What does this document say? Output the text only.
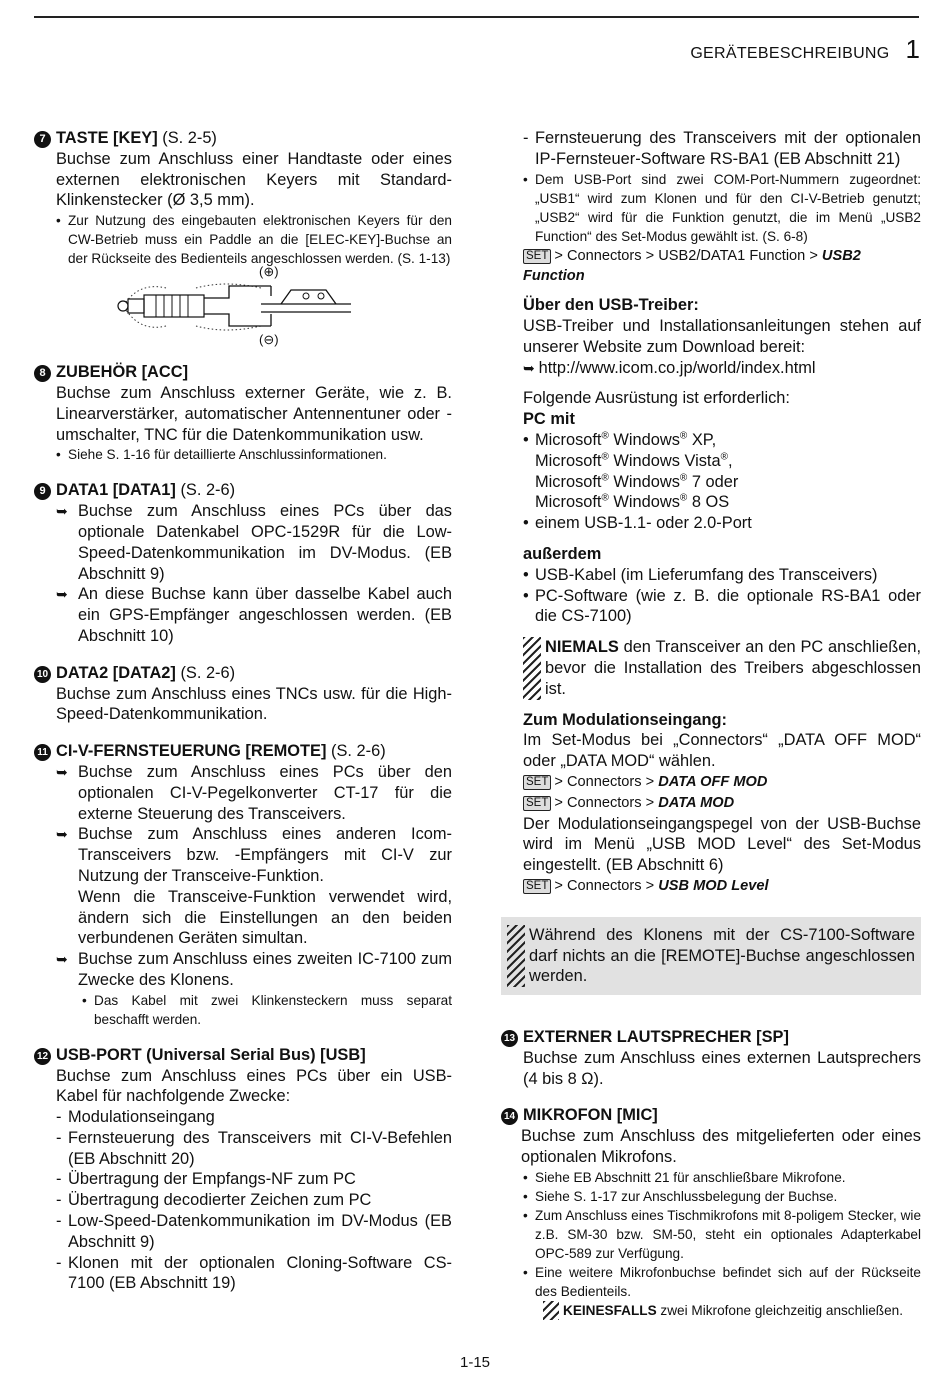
GERÄTEBESCHREIBUNG 1
7 TASTE [KEY] (S. 2-5)
Buchse zum Anschluss einer Handtaste oder eines externen elektronischen Keyers mit Standard-Klinkenstecker (Ø 3,5 mm).
• Zur Nutzung des eingebauten elektronischen Keyers für den CW-Betrieb muss ein Paddle an die [ELEC-KEY]-Buchse an der Rückseite des Bedienteils angeschlossen werden. (S. 1-13)
(⊕)
(⊖)
8 ZUBEHÖR [ACC]
Buchse zum Anschluss externer Geräte, wie z. B. Linearverstärker, automatischer Antennentuner oder -umschalter, TNC für die Datenkommunikation usw.
• Siehe S. 1-16 für detaillierte Anschlussinformationen.
9 DATA1 [DATA1] (S. 2-6)
➥ Buchse zum Anschluss eines PCs über das optionale Datenkabel OPC-1529R für die Low-Speed-Datenkommunikation im DV-Modus. (EB Abschnitt 9)
➥ An diese Buchse kann über dasselbe Kabel auch ein GPS-Empfänger angeschlossen werden. (EB Abschnitt 10)
10 DATA2 [DATA2] (S. 2-6)
Buchse zum Anschluss eines TNCs usw. für die High-Speed-Datenkommunikation.
11 CI-V-FERNSTEUERUNG [REMOTE] (S. 2-6)
➥ Buchse zum Anschluss eines PCs über den optionalen CI-V-Pegelkonverter CT-17 für die externe Steuerung des Transceivers.
➥ Buchse zum Anschluss eines anderen Icom-Transceivers bzw. -Empfängers mit CI-V zur Nutzung der Transceive-Funktion.
Wenn die Transceive-Funktion verwendet wird, ändern sich die Einstellungen an den beiden verbundenen Geräten simultan.
➥ Buchse zum Anschluss eines zweiten IC-7100 zum Zwecke des Klonens.
• Das Kabel mit zwei Klinkensteckern muss separat beschafft werden.
12 USB-PORT (Universal Serial Bus) [USB]
Buchse zum Anschluss eines PCs über ein USB-Kabel für nachfolgende Zwecke:
- Modulationseingang
- Fernsteuerung des Transceivers mit CI-V-Befehlen (EB Abschnitt 20)
- Übertragung der Empfangs-NF zum PC
- Übertragung decodierter Zeichen zum PC
- Low-Speed-Datenkommunikation im DV-Modus (EB Abschnitt 9)
- Klonen mit der optionalen Cloning-Software CS-7100 (EB Abschnitt 19)
- Fernsteuerung des Transceivers mit der optionalen IP-Fernsteuer-Software RS-BA1 (EB Abschnitt 21)
• Dem USB-Port sind zwei COM-Port-Nummern zugeordnet: „USB1“ wird zum Klonen und für den CI-V-Betrieb genutzt; „USB2“ wird für die Funktion genutzt, die im Menü „USB2 Function“ des Set-Modus gewählt ist. (S. 6-8)
SET > Connectors > USB2/DATA1 Function > USB2 Function
Über den USB-Treiber:
USB-Treiber und Installationsanleitungen stehen auf unserer Website zum Download bereit:
➥ http://www.icom.co.jp/world/index.html
Folgende Ausrüstung ist erforderlich:
PC mit
• Microsoft® Windows® XP,
Microsoft® Windows Vista®,
Microsoft® Windows® 7 oder
Microsoft® Windows® 8 OS
• einem USB-1.1- oder 2.0-Port
außerdem
• USB-Kabel (im Lieferumfang des Transceivers)
• PC-Software (wie z. B. die optionale RS-BA1 oder die CS-7100)
NIEMALS den Transceiver an den PC anschließen, bevor die Installation des Treibers abgeschlossen ist.
Zum Modulationseingang:
Im Set-Modus bei „Connectors“ „DATA OFF MOD“ oder „DATA MOD“ wählen.
SET > Connectors > DATA OFF MOD
SET > Connectors > DATA MOD
Der Modulationseingangspegel von der USB-Buchse wird im Menü „USB MOD Level“ des Set-Modus eingestellt. (EB Abschnitt 6)
SET > Connectors > USB MOD Level
Während des Klonens mit der CS-7100-Software darf nichts an die [REMOTE]-Buchse angeschlossen werden.
13 EXTERNER LAUTSPRECHER [SP]
Buchse zum Anschluss eines externen Lautsprechers (4 bis 8 Ω).
14 MIKROFON [MIC]
Buchse zum Anschluss des mitgelieferten oder eines optionalen Mikrofons.
• Siehe EB Abschnitt 21 für anschließbare Mikrofone.
• Siehe S. 1-17 zur Anschlussbelegung der Buchse.
• Zum Anschluss eines Tischmikrofons mit 8-poligem Stecker, wie z.B. SM-30 bzw. SM-50, steht ein optionales Adapterkabel OPC-589 zur Verfügung.
• Eine weitere Mikrofonbuchse befindet sich auf der Rückseite des Bedienteils.
KEINESFALLS zwei Mikrofone gleichzeitig anschließen.
1-15
